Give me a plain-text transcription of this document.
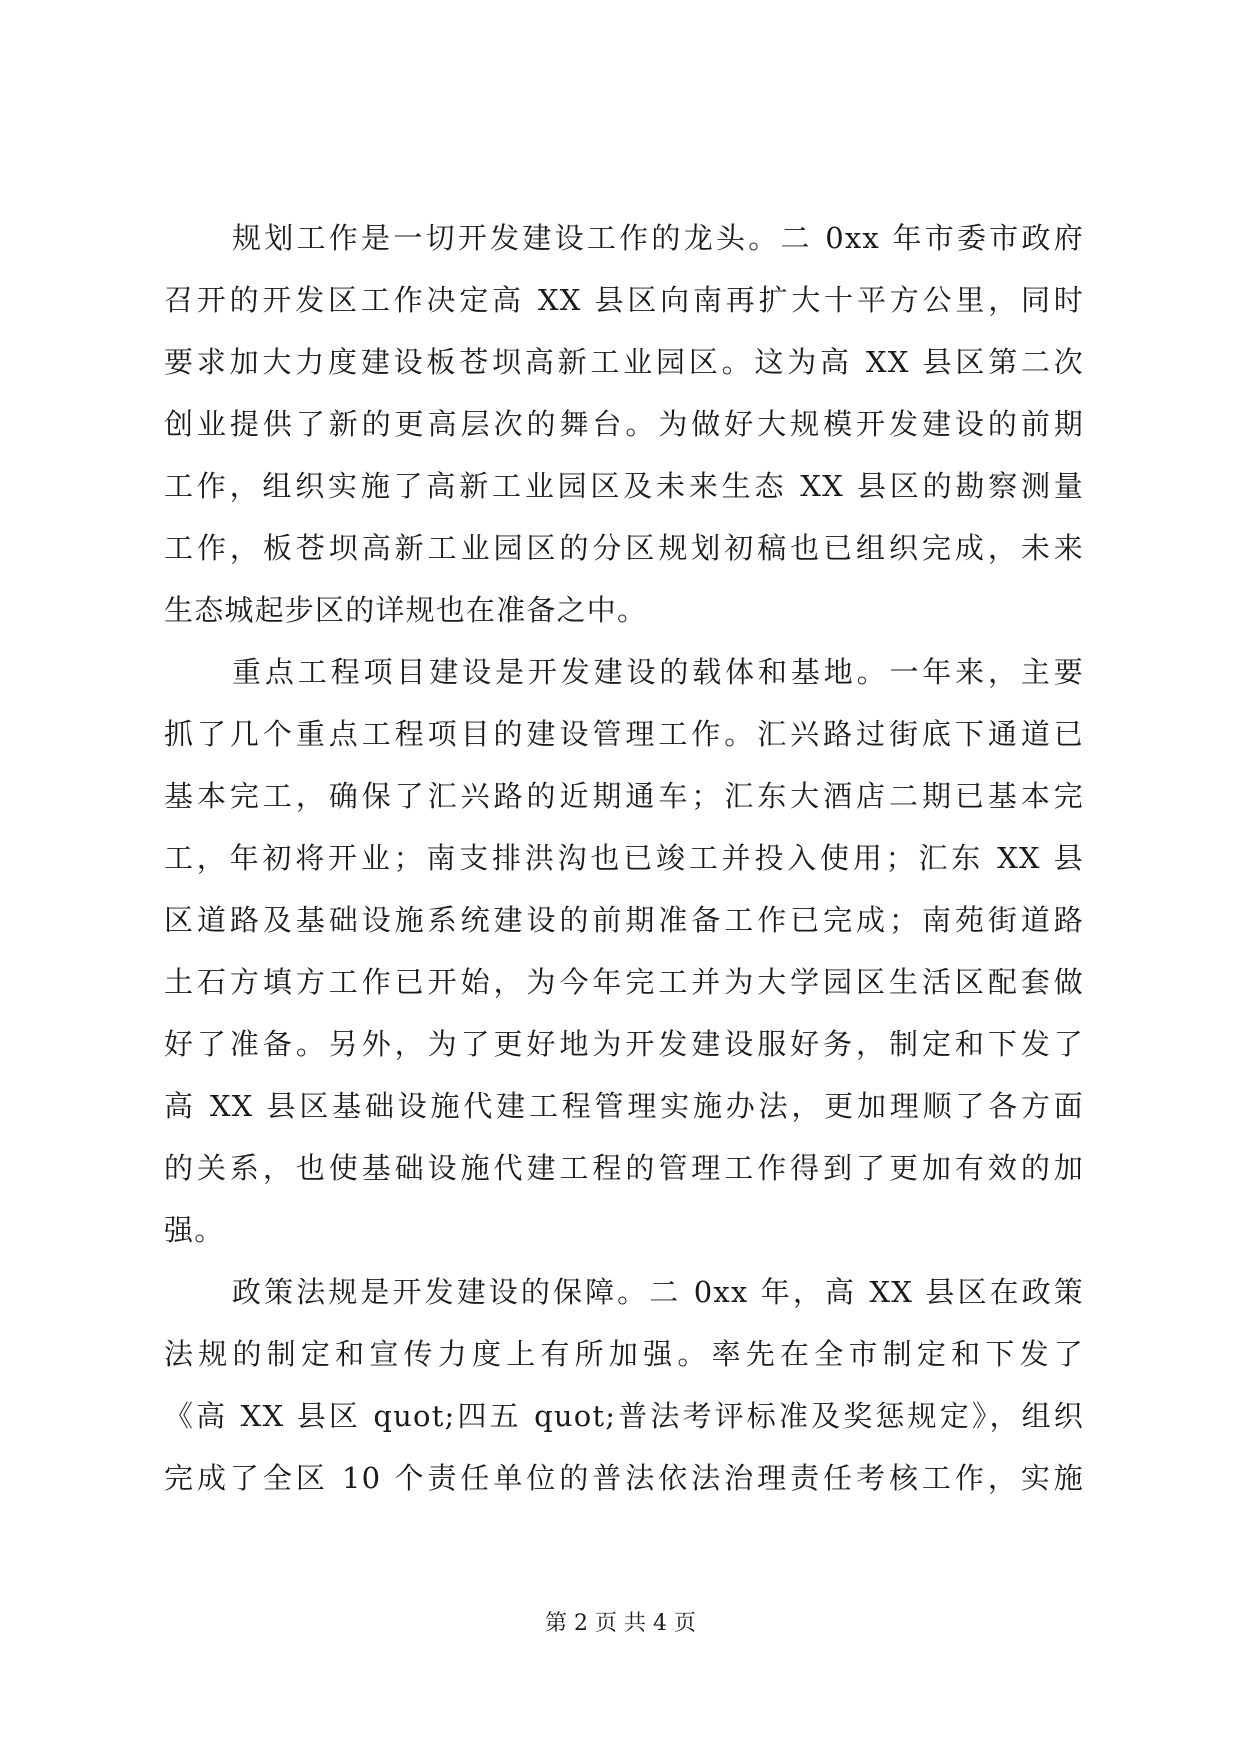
规划工作是一切开发建设工作的龙头。二 0xx 年市委市政府
召开的开发区工作决定高 XX 县区向南再扩大十平方公里，同时
要求加大力度建设板苍坝高新工业园区。这为高 XX 县区第二次
创业提供了新的更高层次的舞台。为做好大规模开发建设的前期
工作，组织实施了高新工业园区及未来生态 XX 县区的勘察测量
工作，板苍坝高新工业园区的分区规划初稿也已组织完成，未来
生态城起步区的详规也在准备之中。
重点工程项目建设是开发建设的载体和基地。一年来，主要
抓了几个重点工程项目的建设管理工作。汇兴路过街底下通道已
基本完工，确保了汇兴路的近期通车；汇东大酒店二期已基本完
工，年初将开业；南支排洪沟也已竣工并投入使用；汇东 XX 县
区道路及基础设施系统建设的前期准备工作已完成；南苑街道路
土石方填方工作已开始，为今年完工并为大学园区生活区配套做
好了准备。另外，为了更好地为开发建设服好务，制定和下发了
高 XX 县区基础设施代建工程管理实施办法，更加理顺了各方面
的关系，也使基础设施代建工程的管理工作得到了更加有效的加
强。
政策法规是开发建设的保障。二 0xx 年，高 XX 县区在政策
法规的制定和宣传力度上有所加强。率先在全市制定和下发了
《高 XX 县区 quot;四五 quot;普法考评标准及奖惩规定》，组织
完成了全区 10 个责任单位的普法依法治理责任考核工作，实施
第 2 页 共 4 页
